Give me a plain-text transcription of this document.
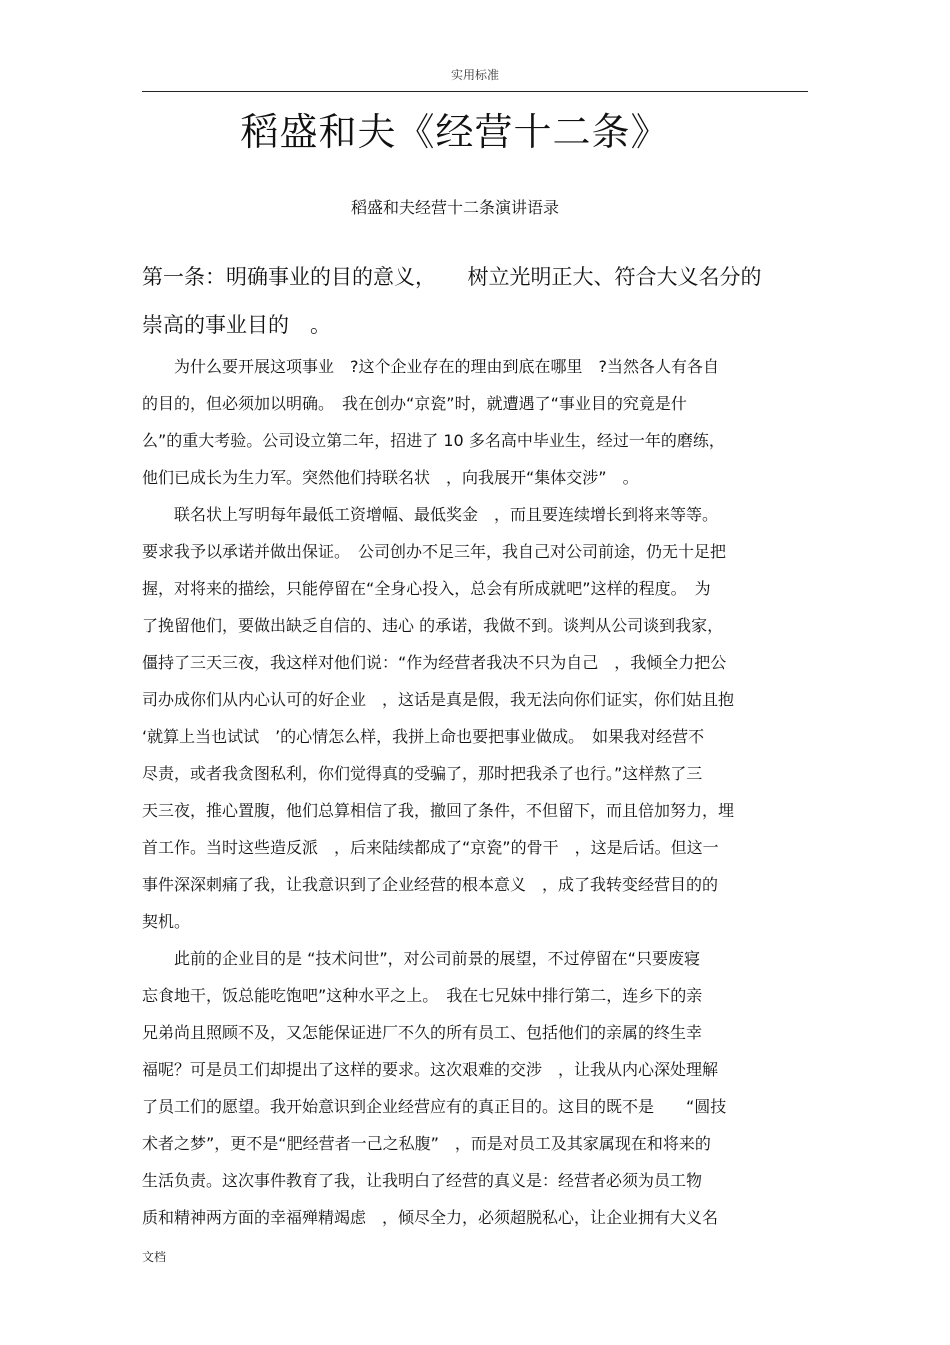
实用标准
稻盛和夫《经营十二条》
稻盛和夫经营十二条演讲语录
第一条：明确事业的目的意义，　　树立光明正大、符合大义名分的
崇高的事业目的　。

　　为什么要开展这项事业　?这个企业存在的理由到底在哪里　?当然各人有各自
的目的，但必须加以明确。　我在创办“京瓷”时，就遭遇了“事业目的究竟是什
么”的重大考验。公司设立第二年，招进了 10 多名高中毕业生，经过一年的磨练，
他们已成长为生力军。突然他们持联名状　，向我展开“集体交涉”　。

　　联名状上写明每年最低工资增幅、最低奖金　，而且要连续增长到将来等等。
要求我予以承诺并做出保证。　公司创办不足三年，我自己对公司前途，仍无十足把
握，对将来的描绘，只能停留在“全身心投入，总会有所成就吧”这样的程度。　为
了挽留他们，要做出缺乏自信的、违心 的承诺，我做不到。谈判从公司谈到我家，
僵持了三天三夜，我这样对他们说：“作为经营者我决不只为自己　，我倾全力把公
司办成你们从内心认可的好企业　，这话是真是假，我无法向你们证实，你们姑且抱
‘就算上当也试试　’的心情怎么样，我拼上命也要把事业做成。　如果我对经营不
尽责，或者我贪图私利，你们觉得真的受骗了，那时把我杀了也行。”这样熬了三
天三夜，推心置腹，他们总算相信了我，撤回了条件，不但留下，而且倍加努力，埋
首工作。当时这些造反派　，后来陆续都成了“京瓷”的骨干　，这是后话。但这一
事件深深刺痛了我，让我意识到了企业经营的根本意义　，成了我转变经营目的的
契机。

　　此前的企业目的是 “技术问世”，对公司前景的展望，不过停留在“只要废寝
忘食地干，饭总能吃饱吧”这种水平之上。　我在七兄妹中排行第二，连乡下的亲
兄弟尚且照顾不及，又怎能保证进厂不久的所有员工、包括他们的亲属的终生幸
福呢？可是员工们却提出了这样的要求。这次艰难的交涉　，让我从内心深处理解
了员工们的愿望。我开始意识到企业经营应有的真正目的。这目的既不是　　“圆技
术者之梦”，更不是“肥经营者一己之私腹”　，而是对员工及其家属现在和将来的
生活负责。这次事件教育了我，让我明白了经营的真义是：经营者必须为员工物
质和精神两方面的幸福殚精竭虑　，倾尽全力，必须超脱私心，让企业拥有大义名

文档
